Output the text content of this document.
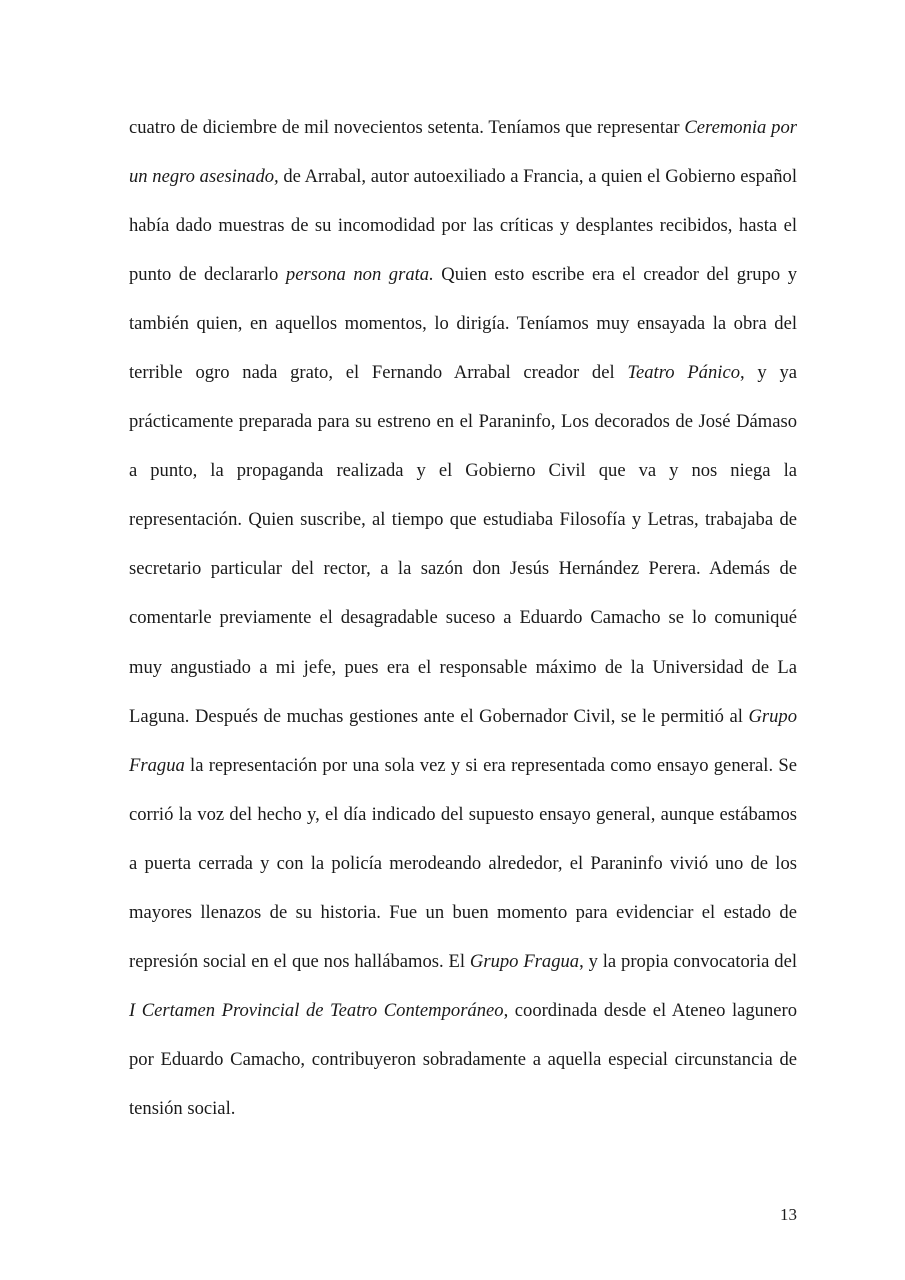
cuatro de diciembre de mil novecientos setenta. Teníamos que representar Ceremonia por un negro asesinado, de Arrabal, autor autoexiliado a Francia, a quien el Gobierno español había dado muestras de su incomodidad por las críticas y desplantes recibidos, hasta el punto de declararlo persona non grata. Quien esto escribe era el creador del grupo y también quien, en aquellos momentos, lo dirigía. Teníamos muy ensayada la obra del terrible ogro nada grato, el Fernando Arrabal creador del Teatro Pánico, y ya prácticamente preparada para su estreno en el Paraninfo, Los decorados de José Dámaso a punto, la propaganda realizada y el Gobierno Civil que va y nos niega la representación. Quien suscribe, al tiempo que estudiaba Filosofía y Letras, trabajaba de secretario particular del rector, a la sazón don Jesús Hernández Perera. Además de comentarle previamente el desagradable suceso a Eduardo Camacho se lo comuniqué muy angustiado a mi jefe, pues era el responsable máximo de la Universidad de La Laguna. Después de muchas gestiones ante el Gobernador Civil, se le permitió al Grupo Fragua la representación por una sola vez y si era representada como ensayo general. Se corrió la voz del hecho y, el día indicado del supuesto ensayo general, aunque estábamos a puerta cerrada y con la policía merodeando alrededor, el Paraninfo vivió uno de los mayores llenazos de su historia. Fue un buen momento para evidenciar el estado de represión social en el que nos hallábamos. El Grupo Fragua, y la propia convocatoria del I Certamen Provincial de Teatro Contemporáneo, coordinada desde el Ateneo lagunero por Eduardo Camacho, contribuyeron sobradamente a aquella especial circunstancia de tensión social.

13
